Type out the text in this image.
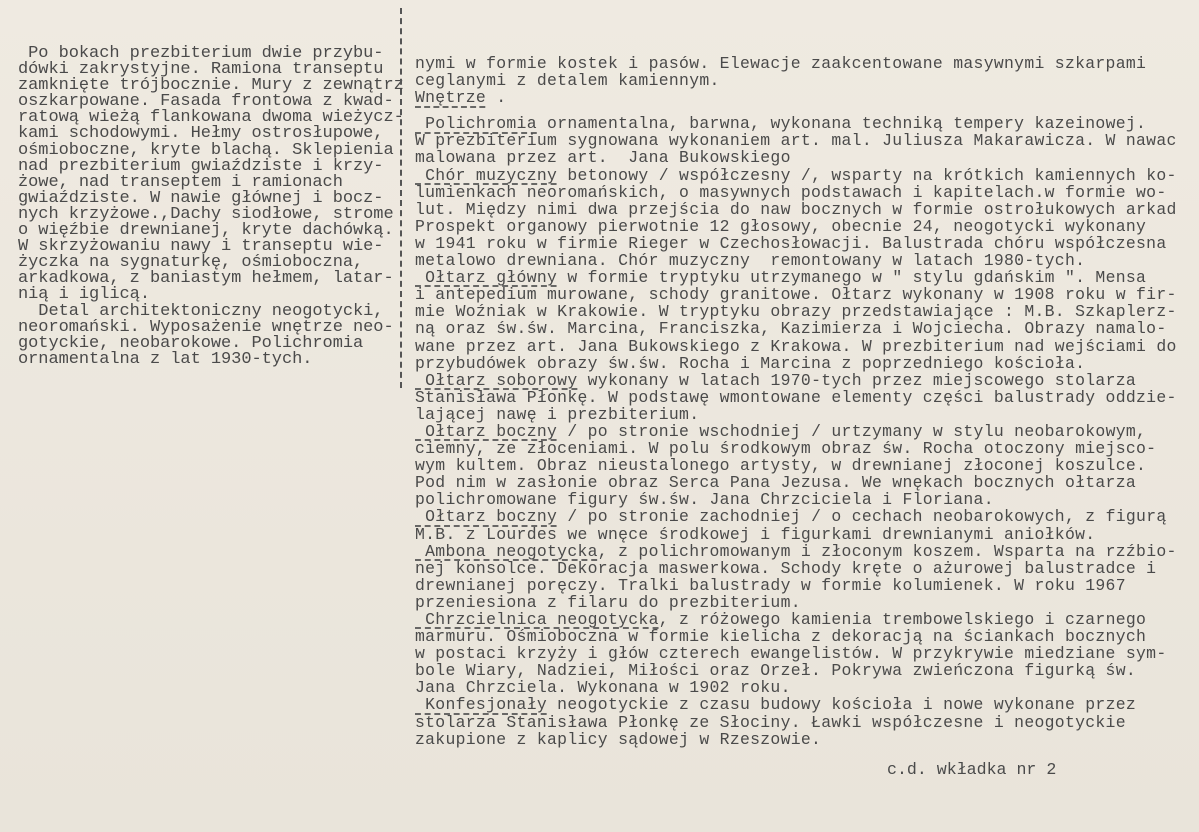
Po bokach prezbiterium dwie przybu-
dówki zakrystyjne. Ramiona transeptu
zamknięte trójbocznie. Mury z zewnątrz
oszkarpowane. Fasada frontowa z kwad-
ratową wieżą flankowana dwoma wieżycz-
kami schodowymi. Hełmy ostrosłupowe,
ośmioboczne, kryte blachą. Sklepienia
nad prezbiterium gwiaździste i krzy-
żowe, nad transeptem i ramionach
gwiaździste. W nawie głównej i bocz-
nych krzyżowe.,Dachy siodłowe, strome
o więźbie drewnianej, kryte dachówką.
W skrzyżowaniu nawy i transeptu wie-
życzka na sygnaturkę, ośmioboczna,
arkadkowa, z baniastym hełmem, latar-
nią i iglicą.
Detal architektoniczny neogotycki,
neoromański. Wyposażenie wnętrze neo-
gotyckie, neobarokowe. Polichromia
ornamentalna z lat 1930-tych.
nymi w formie kostek i pasów. Elewacje zaakcentowane masywnymi szkarpami
ceglanymi z detalem kamiennym.
Wnętrze .
Polichromia ornamentalna, barwna, wykonana techniką tempery kazeinowej.
W prezbiterium sygnowana wykonaniem art. mal. Juliusza Makarawicza. W nawac
malowana przez art.  Jana Bukowskiego
Chór muzyczny betonowy / współczesny /, wsparty na krótkich kamiennych ko-
lumienkach neoromańskich, o masywnych podstawach i kapitelach.w formie wo-
lut. Między nimi dwa przejścia do naw bocznych w formie ostrołukowych arkad
Prospekt organowy pierwotnie 12 głosowy, obecnie 24, neogotycki wykonany
w 1941 roku w firmie Rieger w Czechosłowacji. Balustrada chóru współczesna
metalowo drewniana. Chór muzyczny  remontowany w latach 1980-tych.
Ołtarz główny w formie tryptyku utrzymanego w " stylu gdańskim ". Mensa
i antepedium murowane, schody granitowe. Ołtarz wykonany w 1908 roku w fir-
mie Woźniak w Krakowie. W tryptyku obrazy przedstawiające : M.B. Szkaplerz-
ną oraz św.św. Marcina, Franciszka, Kazimierza i Wojciecha. Obrazy namalo-
wane przez art. Jana Bukowskiego z Krakowa. W prezbiterium nad wejściami do
przybudówek obrazy św.św. Rocha i Marcina z poprzedniego kościoła.
Ołtarz soborowy wykonany w latach 1970-tych przez miejscowego stolarza
Stanisława Płonkę. W podstawę wmontowane elementy części balustrady oddzie-
lającej nawę i prezbiterium.
Ołtarz boczny / po stronie wschodniej / urtzymany w stylu neobarokowym,
ciemny, ze złoceniami. W polu środkowym obraz św. Rocha otoczony miejsco-
wym kultem. Obraz nieustalonego artysty, w drewnianej złoconej koszulce.
Pod nim w zasłonie obraz Serca Pana Jezusa. We wnękach bocznych ołtarza
polichromowane figury św.św. Jana Chrzciciela i Floriana.
Ołtarz boczny / po stronie zachodniej / o cechach neobarokowych, z figurą
M.B. z Lourdes we wnęce środkowej i figurkami drewnianymi aniołków.
Ambona neogotycka, z polichromowanym i złoconym koszem. Wsparta na rzźbio-
nej konsolce. Dekoracja maswerkowa. Schody kręte o ażurowej balustradce i
drewnianej poręczy. Tralki balustrady w formie kolumienek. W roku 1967
przeniesiona z filaru do prezbiterium.
Chrzcielnica neogotycka, z różowego kamienia trembowelskiego i czarnego
marmuru. Ośmioboczna w formie kielicha z dekoracją na ściankach bocznych
w postaci krzyży i głów czterech ewangelistów. W przykrywie miedziane sym-
bole Wiary, Nadziei, Miłości oraz Orzeł. Pokrywa zwieńczona figurką św.
Jana Chrzciela. Wykonana w 1902 roku.
Konfesjonały neogotyckie z czasu budowy kościoła i nowe wykonane przez
stolarza Stanisława Płonkę ze Słociny. Ławki współczesne i neogotyckie
zakupione z kaplicy sądowej w Rzeszowie.
c.d. wkładka nr 2
